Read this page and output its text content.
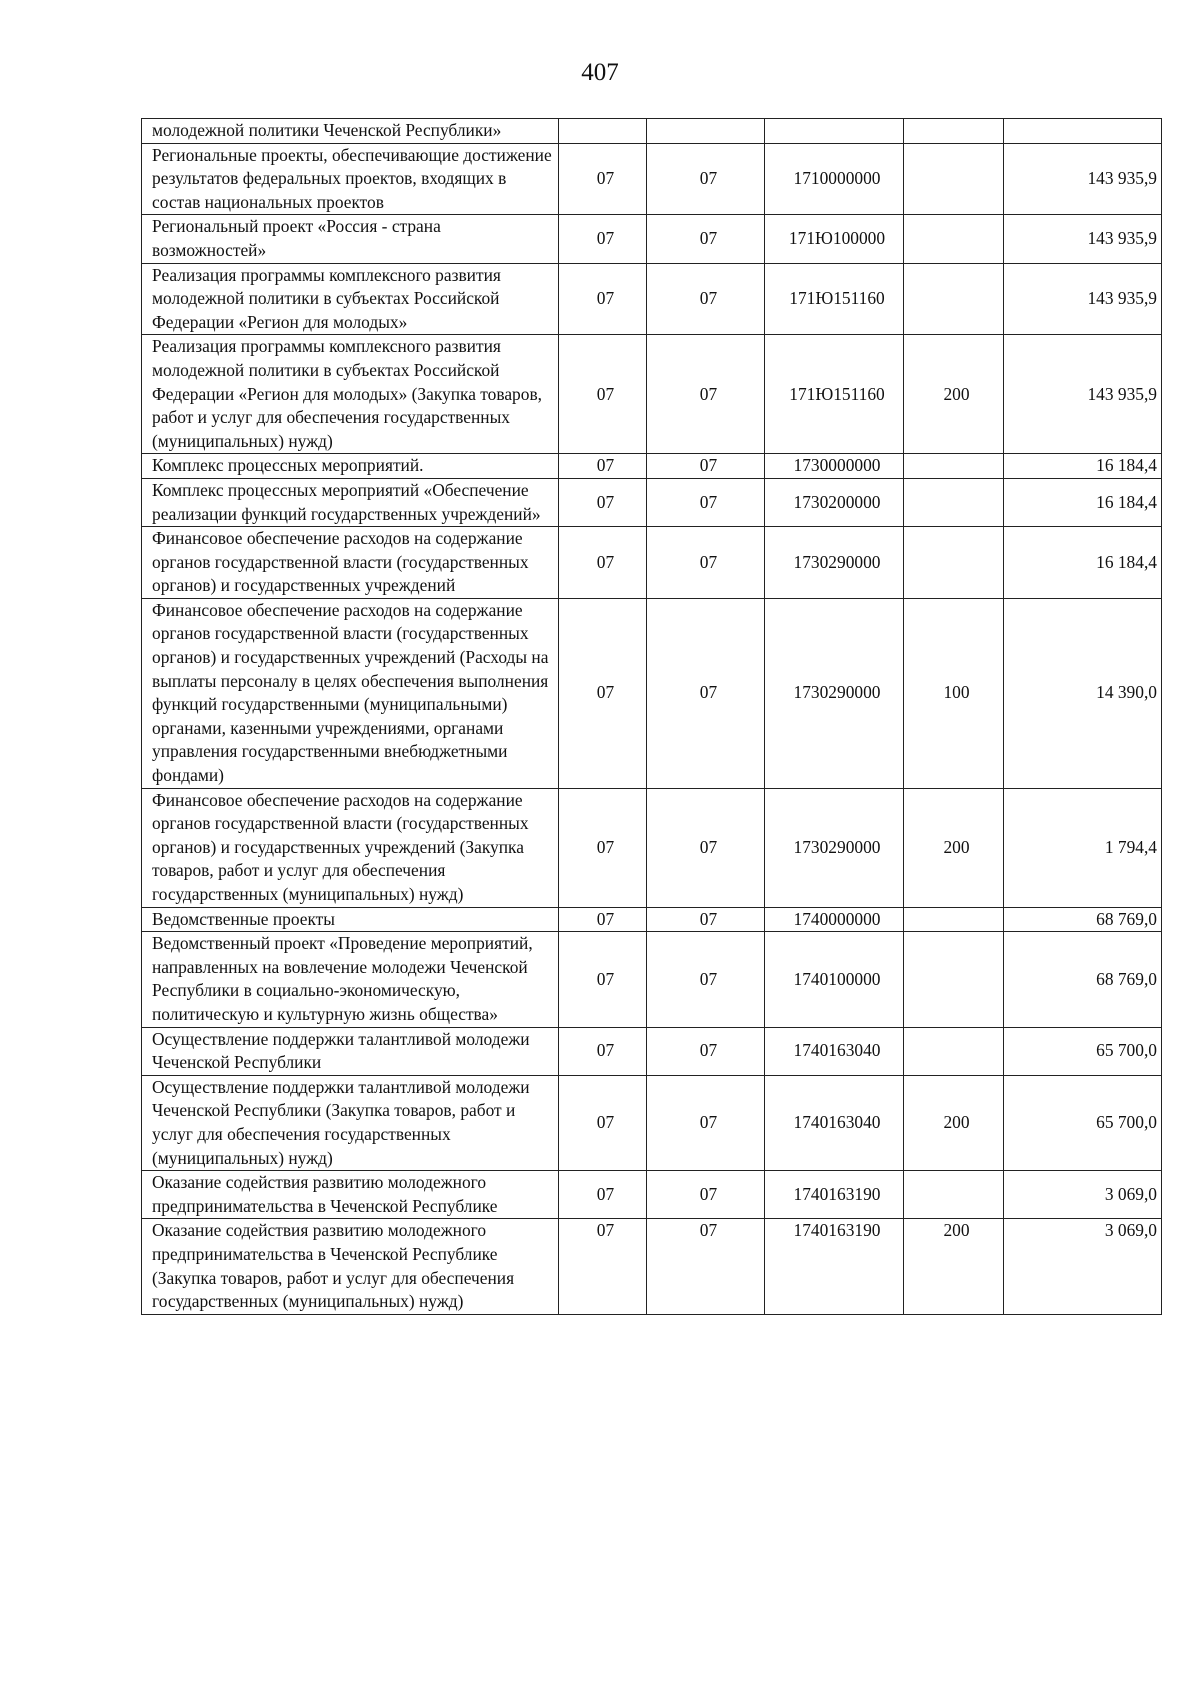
407
молодежной политики Чеченской Республики»					
Региональные проекты, обеспечивающие достижение результатов федеральных проектов, входящих в состав национальных проектов	07	07	1710000000		143 935,9
Региональный проект «Россия - страна возможностей»	07	07	171Ю100000		143 935,9
Реализация программы комплексного развития молодежной политики в субъектах Российской Федерации «Регион для молодых»	07	07	171Ю151160		143 935,9
Реализация программы комплексного развития молодежной политики в субъектах Российской Федерации «Регион для молодых» (Закупка товаров, работ и услуг для обеспечения государственных (муниципальных) нужд)	07	07	171Ю151160	200	143 935,9
Комплекс процессных мероприятий.	07	07	1730000000		16 184,4
Комплекс процессных мероприятий «Обеспечение реализации функций государственных учреждений»	07	07	1730200000		16 184,4
Финансовое обеспечение расходов на содержание органов государственной власти (государственных органов) и государственных учреждений	07	07	1730290000		16 184,4
Финансовое обеспечение расходов на содержание органов государственной власти (государственных органов) и государственных учреждений (Расходы на выплаты персоналу в целях обеспечения выполнения функций государственными (муниципальными) органами, казенными учреждениями, органами управления государственными внебюджетными фондами)	07	07	1730290000	100	14 390,0
Финансовое обеспечение расходов на содержание органов государственной власти (государственных органов) и государственных учреждений (Закупка товаров, работ и услуг для обеспечения государственных (муниципальных) нужд)	07	07	1730290000	200	1 794,4
Ведомственные проекты	07	07	1740000000		68 769,0
Ведомственный проект «Проведение мероприятий, направленных на вовлечение молодежи Чеченской Республики в социально-экономическую, политическую и культурную жизнь общества»	07	07	1740100000		68 769,0
Осуществление поддержки талантливой молодежи Чеченской Республики	07	07	1740163040		65 700,0
Осуществление поддержки талантливой молодежи Чеченской Республики (Закупка товаров, работ и услуг для обеспечения государственных (муниципальных) нужд)	07	07	1740163040	200	65 700,0
Оказание содействия развитию молодежного предпринимательства в Чеченской Республике	07	07	1740163190		3 069,0
Оказание содействия развитию молодежного предпринимательства в Чеченской Республике (Закупка товаров, работ и услуг для обеспечения государственных (муниципальных) нужд)	07	07	1740163190	200	3 069,0
